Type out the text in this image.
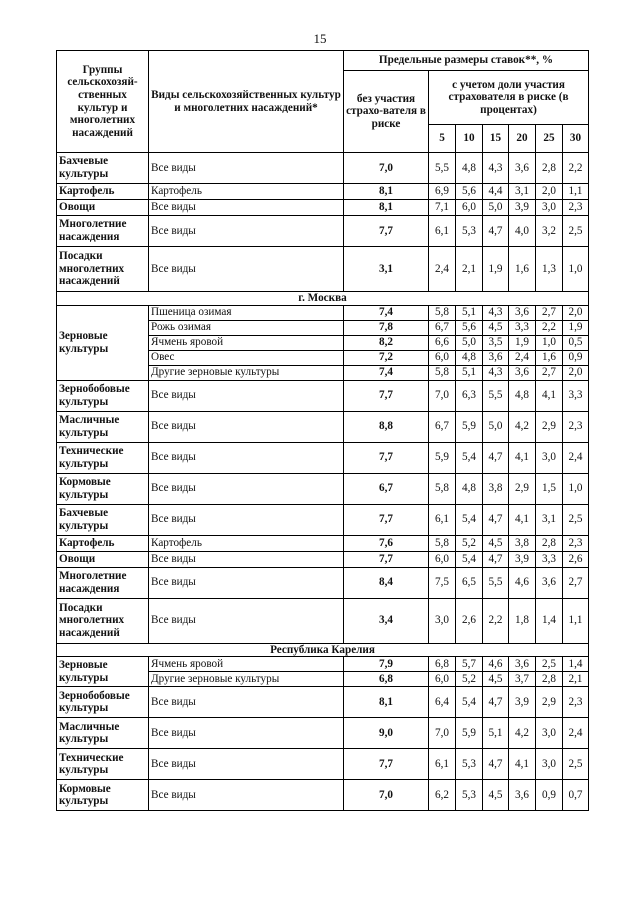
15
Группы сельскохозяй-ственных культур и многолетних насаждений	Виды сельскохозяйственных культур и многолетних насаждений*	Предельные размеры ставок**, %						
		без участия страхо-вателя в риске	с учетом доли участия страхователя в риске (в процентах)					
			5	10	15	20	25	30
Бахчевые культуры	Все виды	7,0	5,5	4,8	4,3	3,6	2,8	2,2
Картофель	Картофель	8,1	6,9	5,6	4,4	3,1	2,0	1,1
Овощи	Все виды	8,1	7,1	6,0	5,0	3,9	3,0	2,3
Многолетние насаждения	Все виды	7,7	6,1	5,3	4,7	4,0	3,2	2,5
Посадки многолетних насаждений	Все виды	3,1	2,4	2,1	1,9	1,6	1,3	1,0
г. Москва								
Зерновые культуры	Пшеница озимая	7,4	5,8	5,1	4,3	3,6	2,7	2,0
	Рожь озимая	7,8	6,7	5,6	4,5	3,3	2,2	1,9
	Ячмень яровой	8,2	6,6	5,0	3,5	1,9	1,0	0,5
	Овес	7,2	6,0	4,8	3,6	2,4	1,6	0,9
	Другие зерновые культуры	7,4	5,8	5,1	4,3	3,6	2,7	2,0
Зернобобовые культуры	Все виды	7,7	7,0	6,3	5,5	4,8	4,1	3,3
Масличные культуры	Все виды	8,8	6,7	5,9	5,0	4,2	2,9	2,3
Технические культуры	Все виды	7,7	5,9	5,4	4,7	4,1	3,0	2,4
Кормовые культуры	Все виды	6,7	5,8	4,8	3,8	2,9	1,5	1,0
Бахчевые культуры	Все виды	7,7	6,1	5,4	4,7	4,1	3,1	2,5
Картофель	Картофель	7,6	5,8	5,2	4,5	3,8	2,8	2,3
Овощи	Все виды	7,7	6,0	5,4	4,7	3,9	3,3	2,6
Многолетние насаждения	Все виды	8,4	7,5	6,5	5,5	4,6	3,6	2,7
Посадки многолетних насаждений	Все виды	3,4	3,0	2,6	2,2	1,8	1,4	1,1
Республика Карелия								
Зерновые культуры	Ячмень яровой	7,9	6,8	5,7	4,6	3,6	2,5	1,4
	Другие зерновые культуры	6,8	6,0	5,2	4,5	3,7	2,8	2,1
Зернобобовые культуры	Все виды	8,1	6,4	5,4	4,7	3,9	2,9	2,3
Масличные культуры	Все виды	9,0	7,0	5,9	5,1	4,2	3,0	2,4
Технические культуры	Все виды	7,7	6,1	5,3	4,7	4,1	3,0	2,5
Кормовые культуры	Все виды	7,0	6,2	5,3	4,5	3,6	0,9	0,7
